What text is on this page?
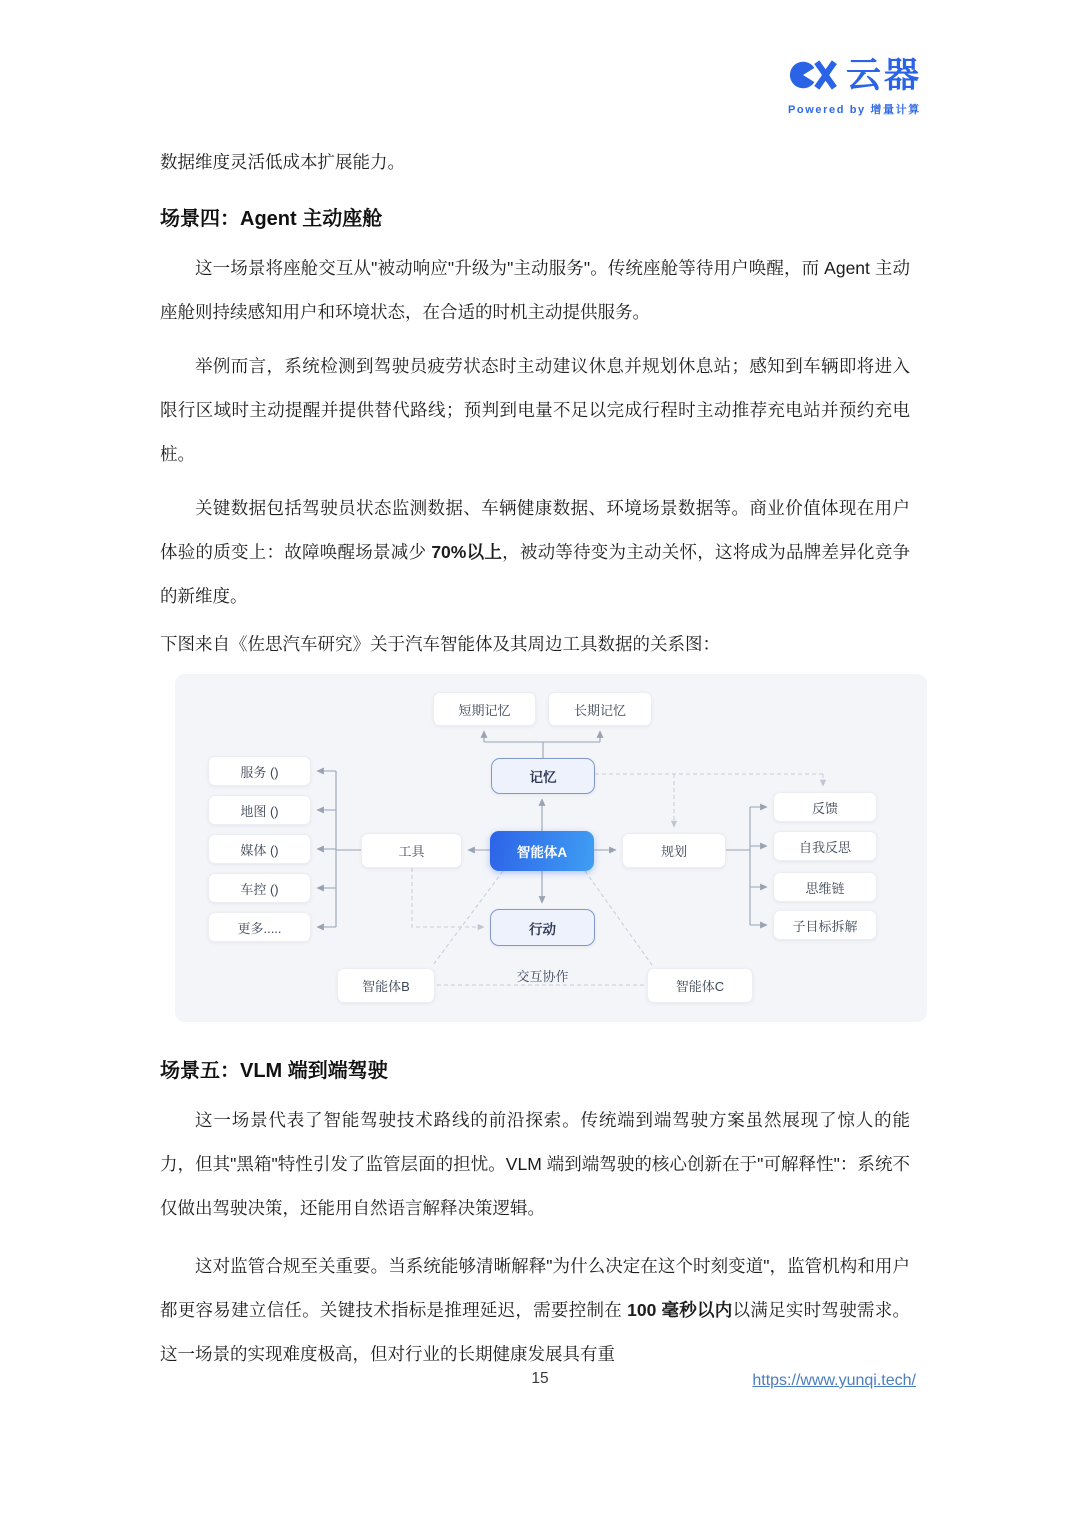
云器
Powered by 增量计算

数据维度灵活低成本扩展能力。

场景四：Agent 主动座舱

这一场景将座舱交互从"被动响应"升级为"主动服务"。传统座舱等待用户唤醒，而 Agent 主动座舱则持续感知用户和环境状态，在合适的时机主动提供服务。

举例而言，系统检测到驾驶员疲劳状态时主动建议休息并规划休息站；感知到车辆即将进入限行区域时主动提醒并提供替代路线；预判到电量不足以完成行程时主动推荐充电站并预约充电桩。

关键数据包括驾驶员状态监测数据、车辆健康数据、环境场景数据等。商业价值体现在用户体验的质变上：故障唤醒场景减少 70%以上，被动等待变为主动关怀，这将成为品牌差异化竞争的新维度。

下图来自《佐思汽车研究》关于汽车智能体及其周边工具数据的关系图：

短期记忆	长期记忆
记忆
工具	智能体A	规划
行动
服务 ()
地图 ()
媒体 ()
车控 ()
更多.....
反馈
自我反思
思维链
子目标拆解
智能体B	智能体C
交互协作
场景五：VLM 端到端驾驶

这一场景代表了智能驾驶技术路线的前沿探索。传统端到端驾驶方案虽然展现了惊人的能力，但其"黑箱"特性引发了监管层面的担忧。VLM 端到端驾驶的核心创新在于"可解释性"：系统不仅做出驾驶决策，还能用自然语言解释决策逻辑。

这对监管合规至关重要。当系统能够清晰解释"为什么决定在这个时刻变道"，监管机构和用户都更容易建立信任。关键技术指标是推理延迟，需要控制在 100 毫秒以内以满足实时驾驶需求。这一场景的实现难度极高，但对行业的长期健康发展具有重

15	https://www.yunqi.tech/
